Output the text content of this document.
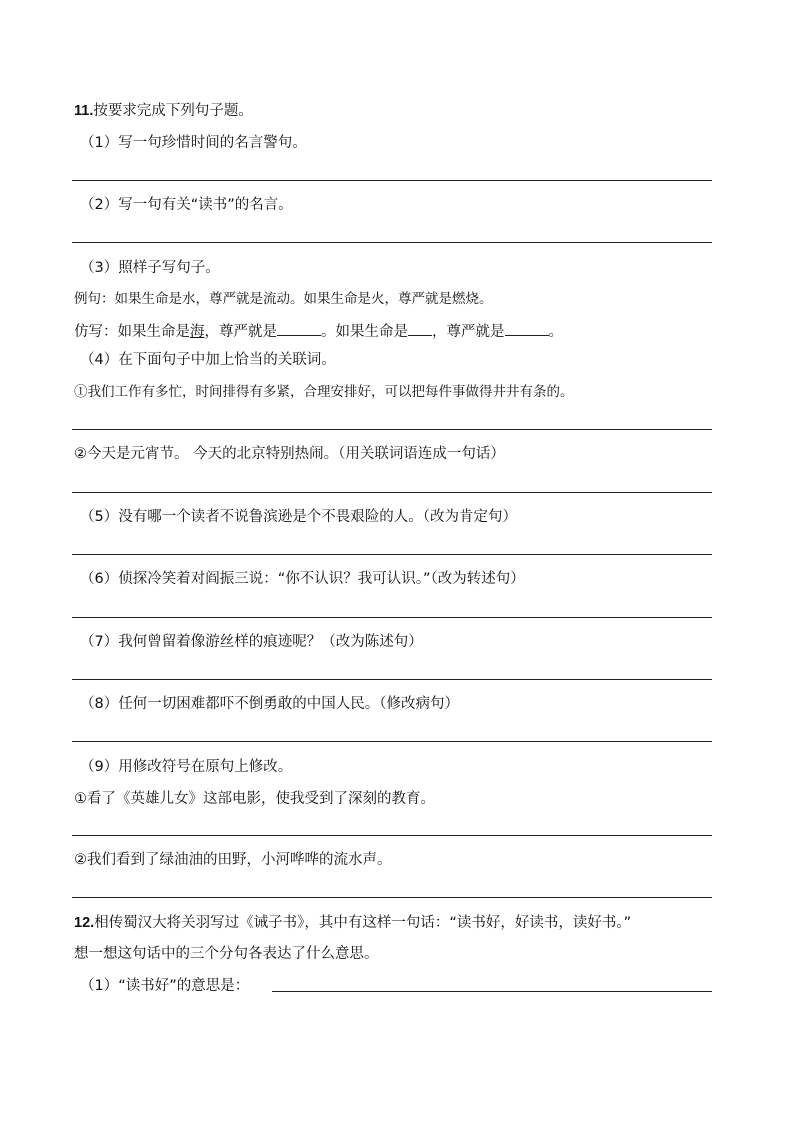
11.按要求完成下列句子题。
（1）写一句珍惜时间的名言警句。
（2）写一句有关“读书”的名言。
（3）照样子写句子。
例句：如果生命是水，尊严就是流动。如果生命是火，尊严就是燃烧。
仿写：如果生命是海，尊严就是	。如果生命是 ，尊严就是	。
（4）在下面句子中加上恰当的关联词。
①我们工作有多忙，时间排得有多紧，合理安排好，可以把每件事做得井井有条的。
②今天是元宵节。 今天的北京特别热闹。（用关联词语连成一句话）
（5）没有哪一个读者不说鲁滨逊是个不畏艰险的人。（改为肯定句）
（6）侦探冷笑着对阎振三说：“你不认识？我可认识。”（改为转述句）
（7）我何曾留着像游丝样的痕迹呢？（改为陈述句）
（8）任何一切困难都吓不倒勇敢的中国人民。（修改病句）
（9）用修改符号在原句上修改。
①看了《英雄儿女》这部电影，使我受到了深刻的教育。
②我们看到了绿油油的田野，小河哗哗的流水声。
12.相传蜀汉大将关羽写过《诫子书》，其中有这样一句话：“读书好，好读书，读好书。”
想一想这句话中的三个分句各表达了什么意思。
（1）“读书好”的意思是：
